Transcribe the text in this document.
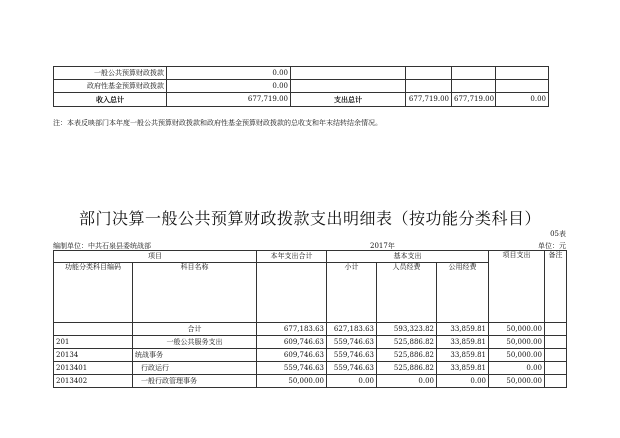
一般公共预算财政拨款	0.00				
政府性基金预算财政拨款	0.00				
收入总计	677,719.00	支出总计	677,719.00	677,719.00	0.00
注：本表反映部门本年度一般公共预算财政拨款和政府性基金预算财政拨款的总收支和年末结转结余情况。
部门决算一般公共预算财政拨款支出明细表（按功能分类科目）
05表
编制单位：中共石泉县委统战部	2017年	单位：元
项目		本年支出合计	基本支出			项目支出	备注
功能分类科目编码	科目名称		小计	人员经费	公用经费		

	合计	677,183.63	627,183.63	593,323.82	33,859.81	50,000.00	
201	一般公共服务支出	609,746.63	559,746.63	525,886.82	33,859.81	50,000.00	
20134	统战事务	609,746.63	559,746.63	525,886.82	33,859.81	50,000.00	
2013401	行政运行	559,746.63	559,746.63	525,886.82	33,859.81	0.00	
2013402	一般行政管理事务	50,000.00	0.00	0.00	0.00	50,000.00	
